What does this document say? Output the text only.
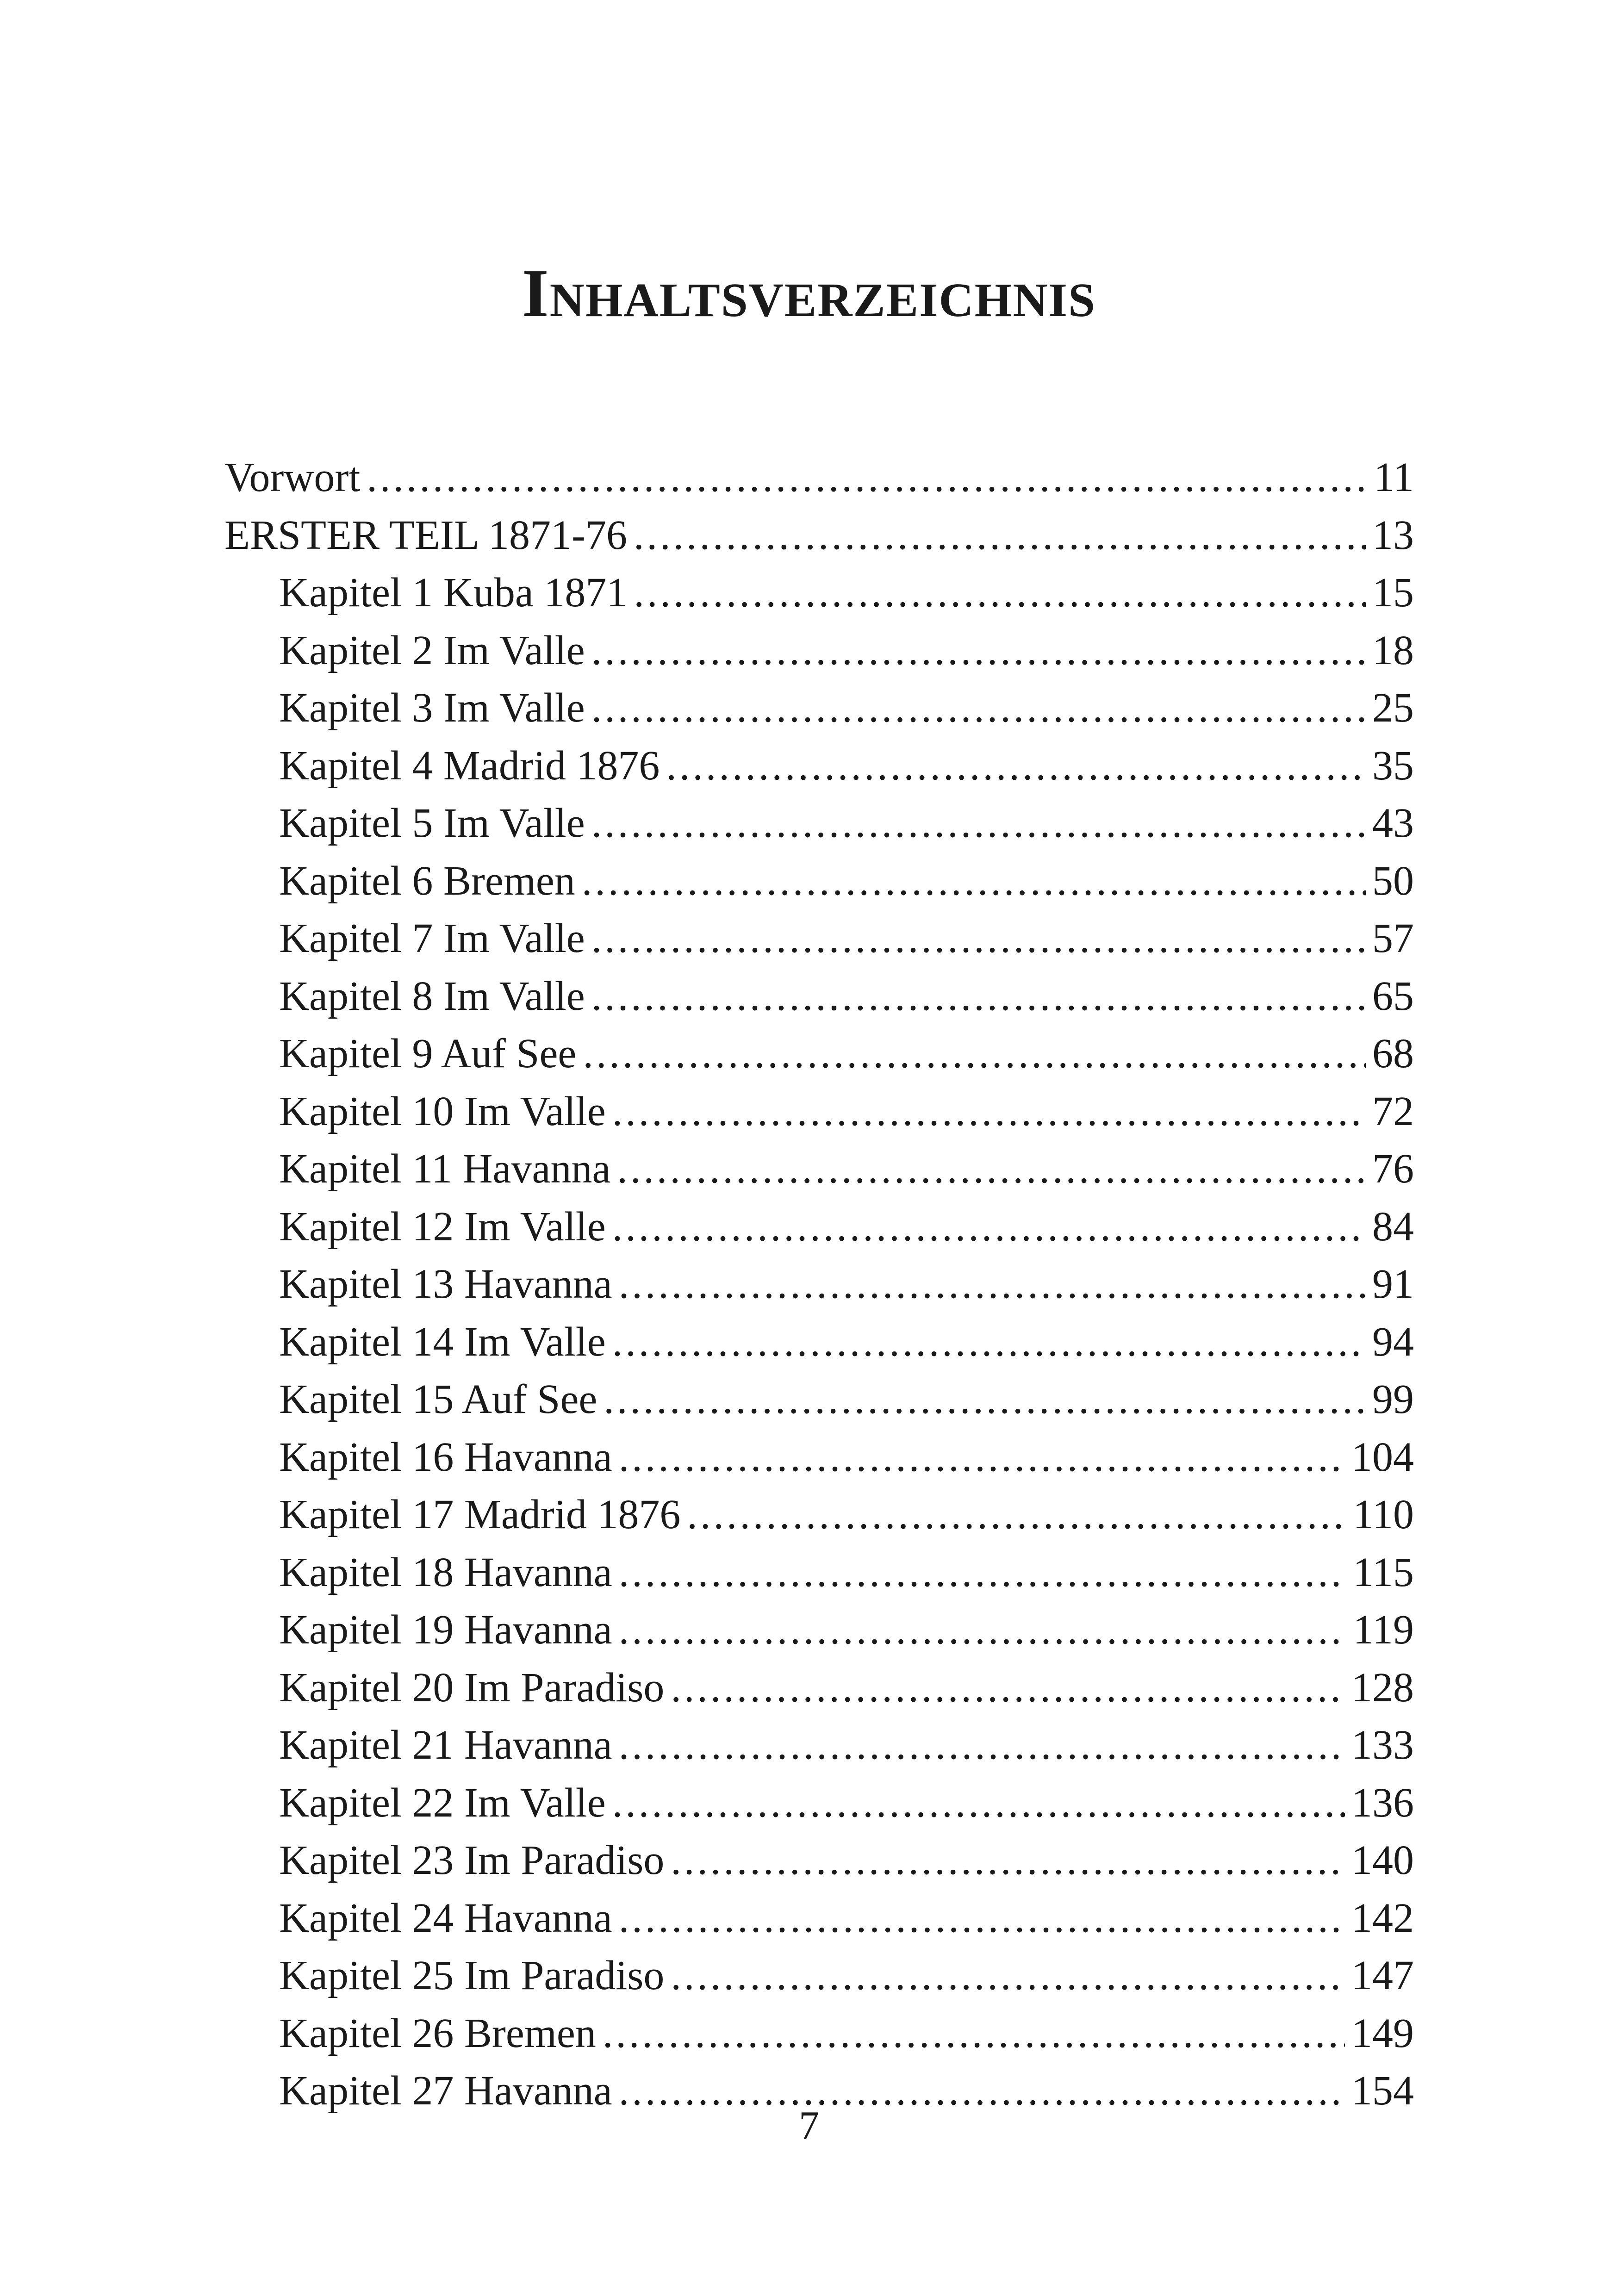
Inhaltsverzeichnis
Vorwort .....	11
ERSTER TEIL 1871-76 .....	13
Kapitel 1 Kuba 1871 .....	15
Kapitel 2 Im Valle .....	18
Kapitel 3 Im Valle .....	25
Kapitel 4 Madrid 1876 .....	35
Kapitel 5 Im Valle .....	43
Kapitel 6 Bremen .....	50
Kapitel 7 Im Valle .....	57
Kapitel 8 Im Valle .....	65
Kapitel 9 Auf See .....	68
Kapitel 10 Im Valle .....	72
Kapitel 11 Havanna .....	76
Kapitel 12 Im Valle .....	84
Kapitel 13 Havanna .....	91
Kapitel 14 Im Valle .....	94
Kapitel 15 Auf See .....	99
Kapitel 16 Havanna .....	104
Kapitel 17 Madrid 1876 .....	110
Kapitel 18 Havanna .....	115
Kapitel 19 Havanna .....	119
Kapitel 20 Im Paradiso .....	128
Kapitel 21 Havanna .....	133
Kapitel 22 Im Valle .....	136
Kapitel 23 Im Paradiso .....	140
Kapitel 24 Havanna .....	142
Kapitel 25 Im Paradiso .....	147
Kapitel 26 Bremen .....	149
Kapitel 27 Havanna .....	154
7
